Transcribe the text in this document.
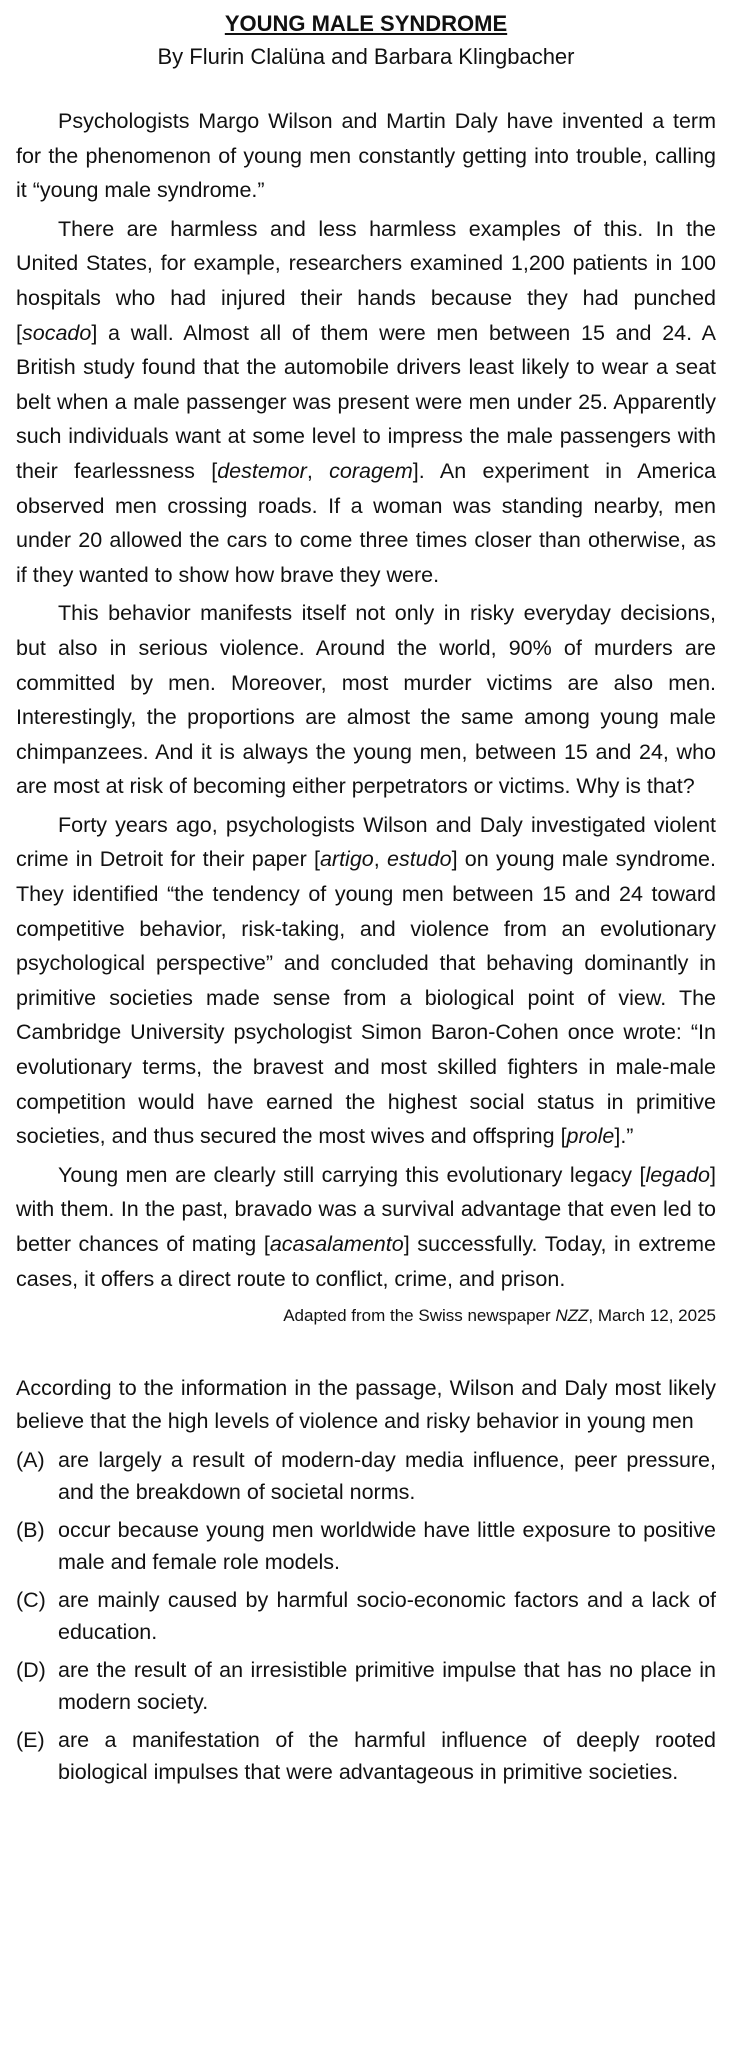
YOUNG MALE SYNDROME
By Flurin Clalüna and Barbara Klingbacher

Psychologists Margo Wilson and Martin Daly have invented a term for the phenomenon of young men constantly getting into trouble, calling it “young male syndrome.”

There are harmless and less harmless examples of this. In the United States, for example, researchers examined 1,200 patients in 100 hospitals who had injured their hands because they had punched [socado] a wall. Almost all of them were men between 15 and 24. A British study found that the automobile drivers least likely to wear a seat belt when a male passenger was present were men under 25. Apparently such individuals want at some level to impress the male passengers with their fearlessness [destemor, coragem]. An experiment in America observed men crossing roads. If a woman was standing nearby, men under 20 allowed the cars to come three times closer than otherwise, as if they wanted to show how brave they were.

This behavior manifests itself not only in risky everyday decisions, but also in serious violence. Around the world, 90% of murders are committed by men. Moreover, most murder victims are also men. Interestingly, the proportions are almost the same among young male chimpanzees. And it is always the young men, between 15 and 24, who are most at risk of becoming either perpetrators or victims. Why is that?

Forty years ago, psychologists Wilson and Daly investigated violent crime in Detroit for their paper [artigo, estudo] on young male syndrome. They identified “the tendency of young men between 15 and 24 toward competitive behavior, risk-taking, and violence from an evolutionary psychological perspective” and concluded that behaving dominantly in primitive societies made sense from a biological point of view. The Cambridge University psychologist Simon Baron-Cohen once wrote: “In evolutionary terms, the bravest and most skilled fighters in male-male competition would have earned the highest social status in primitive societies, and thus secured the most wives and offspring [prole].”

Young men are clearly still carrying this evolutionary legacy [legado] with them. In the past, bravado was a survival advantage that even led to better chances of mating [acasalamento] successfully. Today, in extreme cases, it offers a direct route to conflict, crime, and prison.

Adapted from the Swiss newspaper NZZ, March 12, 2025
According to the information in the passage, Wilson and Daly most likely believe that the high levels of violence and risky behavior in young men
(A) are largely a result of modern-day media influence, peer pressure, and the breakdown of societal norms.
(B) occur because young men worldwide have little exposure to positive male and female role models.
(C) are mainly caused by harmful socio-economic factors and a lack of education.
(D) are the result of an irresistible primitive impulse that has no place in modern society.
(E) are a manifestation of the harmful influence of deeply rooted biological impulses that were advantageous in primitive societies.
